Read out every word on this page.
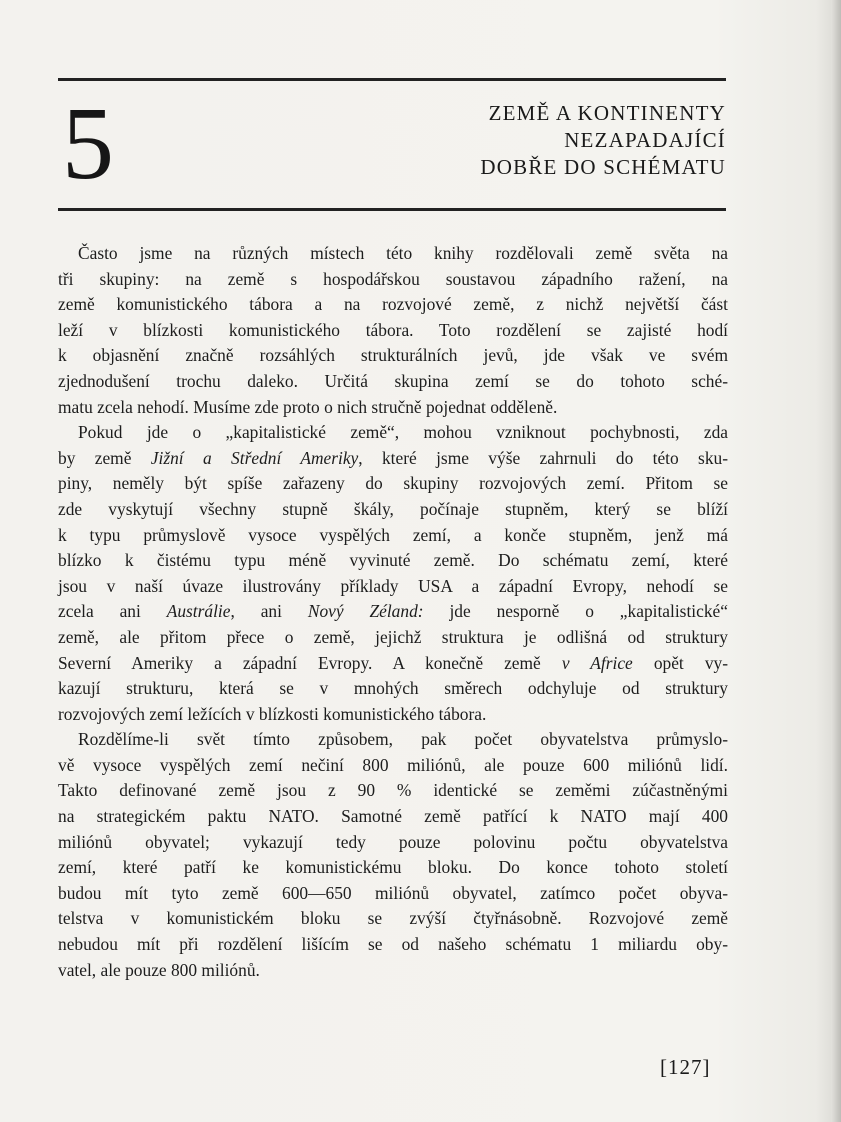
5	ZEMĚ A KONTINENTY
NEZAPADAJÍCÍ
DOBŘE DO SCHÉMATU
Často jsme na různých místech této knihy rozdělovali země světa na
tři skupiny: na země s hospodářskou soustavou západního ražení, na
země komunistického tábora a na rozvojové země, z nichž největší část
leží v blízkosti komunistického tábora. Toto rozdělení se zajisté hodí
k objasnění značně rozsáhlých strukturálních jevů, jde však ve svém
zjednodušení trochu daleko. Určitá skupina zemí se do tohoto sché-
matu zcela nehodí. Musíme zde proto o nich stručně pojednat odděleně.
Pokud jde o „kapitalistické země“, mohou vzniknout pochybnosti, zda
by země Jižní a Střední Ameriky, které jsme výše zahrnuli do této sku-
piny, neměly být spíše zařazeny do skupiny rozvojových zemí. Přitom se
zde vyskytují všechny stupně škály, počínaje stupněm, který se blíží
k typu průmyslově vysoce vyspělých zemí, a konče stupněm, jenž má
blízko k čistému typu méně vyvinuté země. Do schématu zemí, které
jsou v naší úvaze ilustrovány příklady USA a západní Evropy, nehodí se
zcela ani Austrálie, ani Nový Zéland: jde nesporně o „kapitalistické“
země, ale přitom přece o země, jejichž struktura je odlišná od struktury
Severní Ameriky a západní Evropy. A konečně země v Africe opět vy-
kazují strukturu, která se v mnohých směrech odchyluje od struktury
rozvojových zemí ležících v blízkosti komunistického tábora.
Rozdělíme-li svět tímto způsobem, pak počet obyvatelstva průmyslo-
vě vysoce vyspělých zemí nečiní 800 miliónů, ale pouze 600 miliónů lidí.
Takto definované země jsou z 90 % identické se zeměmi zúčastněnými
na strategickém paktu NATO. Samotné země patřící k NATO mají 400
miliónů obyvatel; vykazují tedy pouze polovinu počtu obyvatelstva
zemí, které patří ke komunistickému bloku. Do konce tohoto století
budou mít tyto země 600—650 miliónů obyvatel, zatímco počet obyva-
telstva v komunistickém bloku se zvýší čtyřnásobně. Rozvojové země
nebudou mít při rozdělení lišícím se od našeho schématu 1 miliardu oby-
vatel, ale pouze 800 miliónů.
[127]
